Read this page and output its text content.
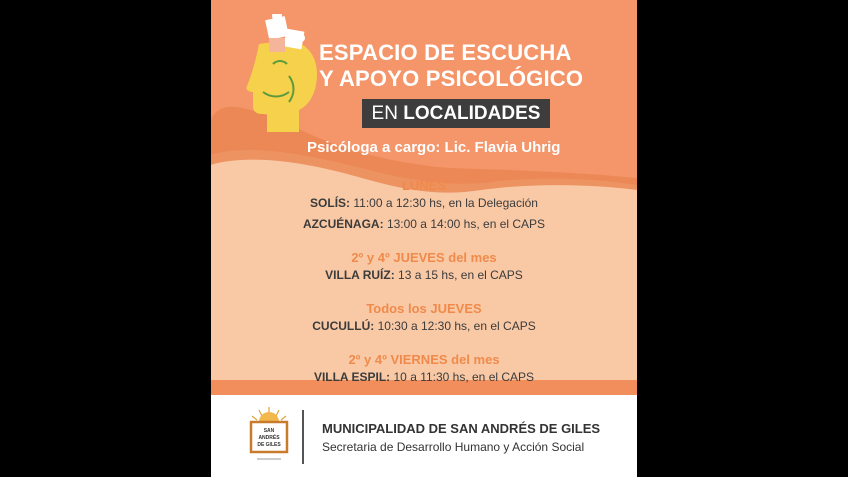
ESPACIO DE ESCUCHA
Y APOYO PSICOLÓGICO
EN LOCALIDADES
Psicóloga a cargo: Lic. Flavia Uhrig
LUNES
SOLÍS: 11:00 a 12:30 hs, en la Delegación
AZCUÉNAGA: 13:00 a 14:00 hs, en el CAPS
2º y 4º JUEVES del mes
VILLA RUÍZ: 13 a 15 hs, en el CAPS
Todos los JUEVES
CUCULLÚ: 10:30 a 12:30 hs, en el CAPS
2º y 4º VIERNES del mes
VILLA ESPIL: 10 a 11:30 hs, en el CAPS
SAN
ANDRÉS
DE GILES
MUNICIPALIDAD DE SAN ANDRÉS DE GILES
Secretaria de Desarrollo Humano y Acción Social
